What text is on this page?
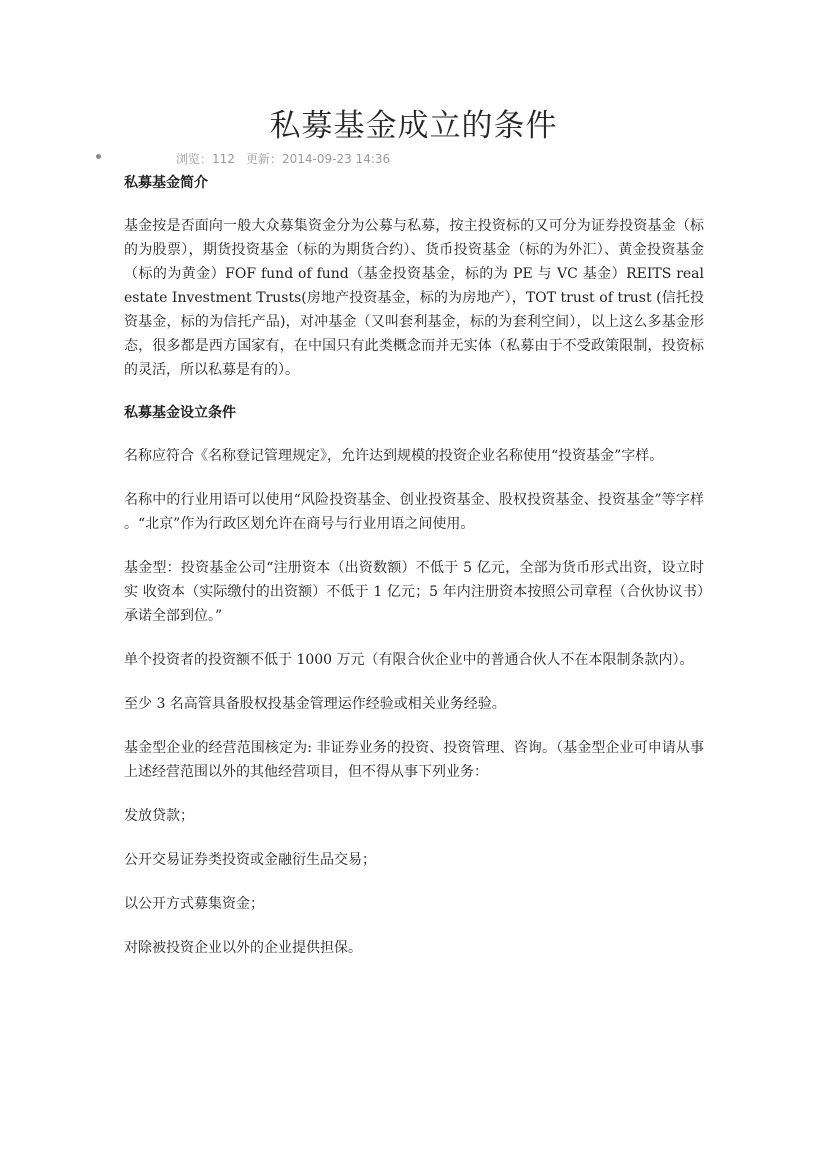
私募基金成立的条件
浏览：112 更新：2014-09-23 14:36
私募基金简介

基金按是否面向一般大众募集资金分为公募与私募，按主投资标的又可分为证券投资基金（标的为股票），期货投资基金（标的为期货合约）、货币投资基金（标的为外汇）、黄金投资基金（标的为黄金）FOF fund of fund（基金投资基金，标的为 PE 与 VC 基金）REITS real estate Investment Trusts(房地产投资基金，标的为房地产），TOT trust of trust (信托投资基金，标的为信托产品)，对冲基金（又叫套利基金，标的为套利空间），以上这么多基金形态，很多都是西方国家有，在中国只有此类概念而并无实体（私募由于不受政策限制，投资标的灵活，所以私募是有的）。

私募基金设立条件

名称应符合《名称登记管理规定》，允许达到规模的投资企业名称使用“投资基金”字样。

名称中的行业用语可以使用“风险投资基金、创业投资基金、股权投资基金、投资基金”等字样 。“北京”作为行政区划允许在商号与行业用语之间使用。

基金型：投资基金公司“注册资本（出资数额）不低于 5 亿元，全部为货币形式出资，设立时实 收资本（实际缴付的出资额）不低于 1 亿元；5 年内注册资本按照公司章程（合伙协议书）承诺全部到位。”

单个投资者的投资额不低于 1000 万元（有限合伙企业中的普通合伙人不在本限制条款内）。

至少 3 名高管具备股权投基金管理运作经验或相关业务经验。

基金型企业的经营范围核定为: 非证券业务的投资、投资管理、咨询。（基金型企业可申请从事上述经营范围以外的其他经营项目，但不得从事下列业务：

发放贷款；

公开交易证券类投资或金融衍生品交易；

以公开方式募集资金；

对除被投资企业以外的企业提供担保。
